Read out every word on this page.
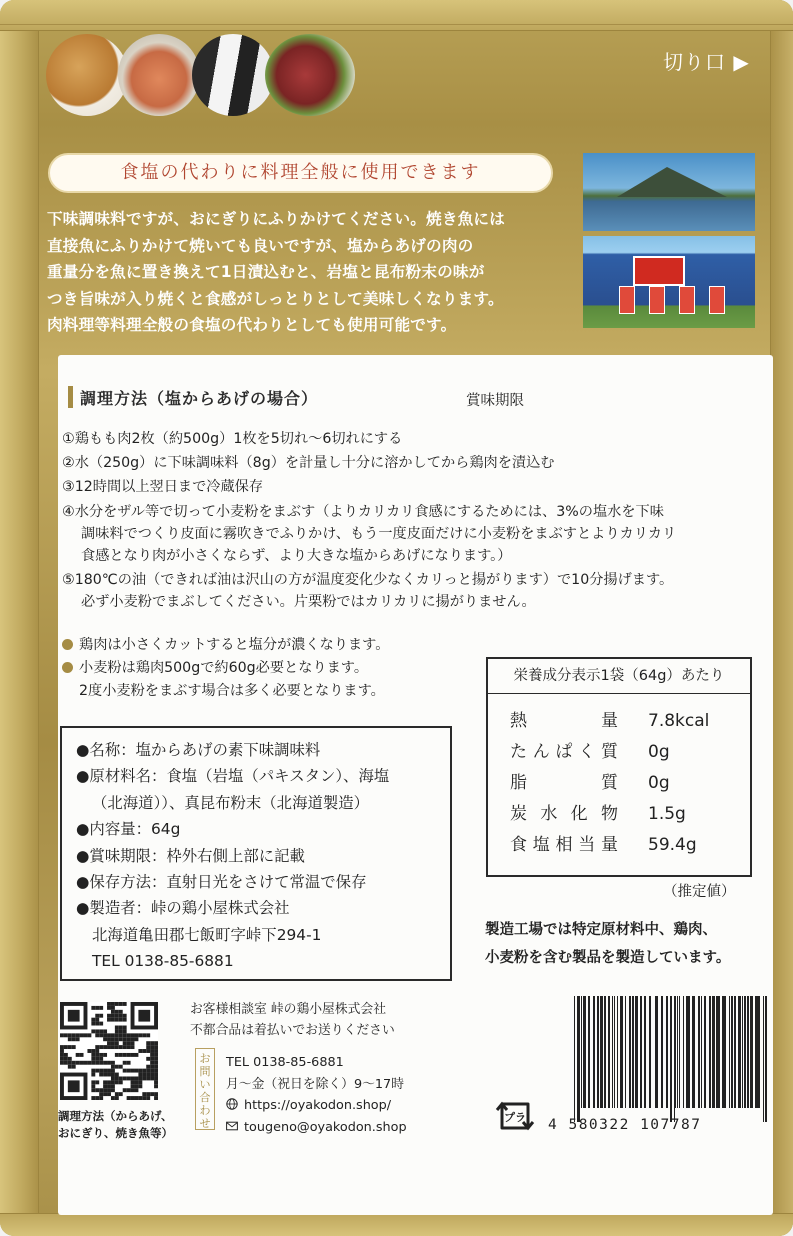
切り口 ▶
食塩の代わりに料理全般に使用できます
下味調味料ですが、おにぎりにふりかけてください。焼き魚には
直接魚にふりかけて焼いても良いですが、塩からあげの肉の
重量分を魚に置き換えて1日漬込むと、岩塩と昆布粉末の味が
つき旨味が入り焼くと食感がしっとりとして美味しくなります。
肉料理等料理全般の食塩の代わりとしても使用可能です。
調理方法（塩からあげの場合）	賞味期限
①鶏もも肉2枚（約500g）1枚を5切れ～6切れにする
②水（250g）に下味調味料（8g）を計量し十分に溶かしてから鶏肉を漬込む
③12時間以上翌日まで冷蔵保存
④水分をザル等で切って小麦粉をまぶす（よりカリカリ食感にするためには、3%の塩水を下味
調味料でつくり皮面に霧吹きでふりかけ、もう一度皮面だけに小麦粉をまぶすとよりカリカリ
食感となり肉が小さくならず、より大きな塩からあげになります。）
⑤180℃の油（できれば油は沢山の方が温度変化少なくカリっと揚がります）で10分揚げます。
必ず小麦粉でまぶしてください。片栗粉ではカリカリに揚がりません。
鶏肉は小さくカットすると塩分が濃くなります。
小麦粉は鶏肉500gで約60g必要となります。
2度小麦粉をまぶす場合は多く必要となります。
栄養成分表示1袋（64g）あたり
熱量 7.8kcal
たんぱく質 0g
脂質 0g
炭水化物 1.5g
食塩相当量 59.4g
（推定値）
製造工場では特定原材料中、鶏肉、
小麦粉を含む製品を製造しています。
●名称：塩からあげの素下味調味料
●原材料名：食塩（岩塩（パキスタン）、海塩
（北海道））、真昆布粉末（北海道製造）
●内容量：64g
●賞味期限：枠外右側上部に記載
●保存方法：直射日光をさけて常温で保存
●製造者：峠の鶏小屋株式会社
北海道亀田郡七飯町字峠下294-1
TEL 0138-85-6881
調理方法（からあげ、
おにぎり、焼き魚等）
お客様相談室 峠の鶏小屋株式会社
不都合品は着払いでお送りください
お問い合わせ
TEL 0138-85-6881
月～金（祝日を除く）9～17時
https://oyakodon.shop/
tougeno@oyakodon.shop
プラ 4 580322 107787
